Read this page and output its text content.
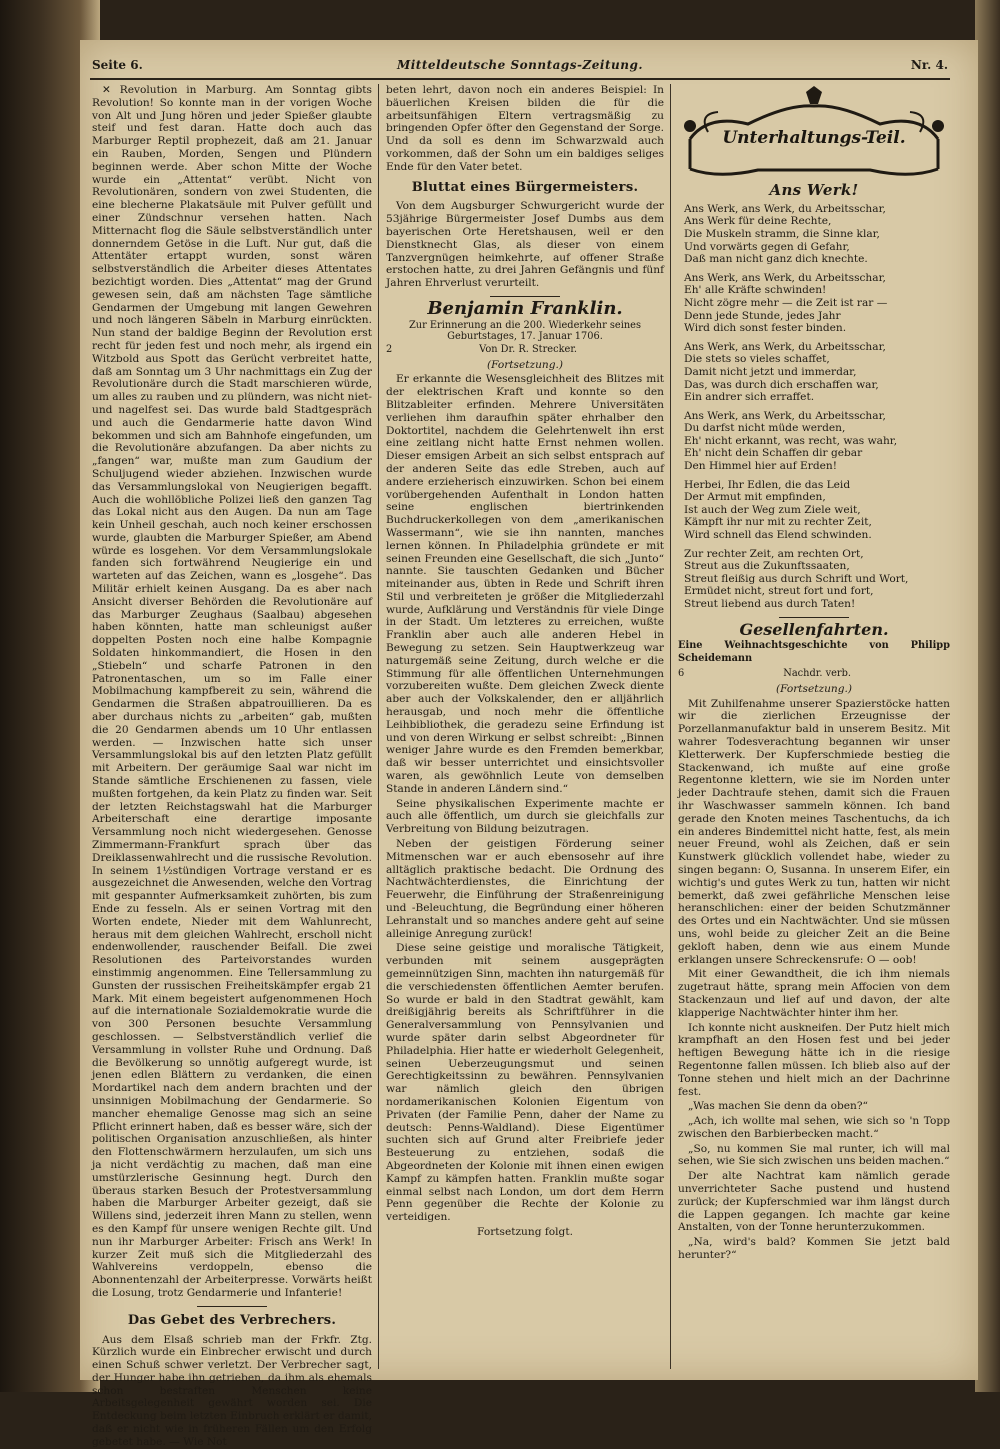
Seite 6.	Mitteldeutsche Sonntags-Zeitung.	Nr. 4.

✕ Revolution in Marburg. Am Sonntag gibts Revolution! So konnte man in der vorigen Woche von Alt und Jung hören und jeder Spießer glaubte steif und fest daran. Hatte doch auch das Marburger Reptil prophezeit, daß am 21. Januar ein Rauben, Morden, Sengen und Plündern beginnen werde. Aber schon Mitte der Woche wurde ein „Attentat“ verübt. Nicht von Revolutionären, sondern von zwei Studenten, die eine blecherne Plakatsäule mit Pulver gefüllt und einer Zündschnur versehen hatten. Nach Mitternacht flog die Säule selbstverständlich unter donnerndem Getöse in die Luft. Nur gut, daß die Attentäter ertappt wurden, sonst wären selbstverständlich die Arbeiter dieses Attentates bezichtigt worden. Dies „Attentat“ mag der Grund gewesen sein, daß am nächsten Tage sämtliche Gendarmen der Umgebung mit langen Gewehren und noch längeren Säbeln in Marburg einrückten. Nun stand der baldige Beginn der Revolution erst recht für jeden fest und noch mehr, als irgend ein Witzbold aus Spott das Gerücht verbreitet hatte, daß am Sonntag um 3 Uhr nachmittags ein Zug der Revolutionäre durch die Stadt marschieren würde, um alles zu rauben und zu plündern, was nicht niet- und nagelfest sei. Das wurde bald Stadtgespräch und auch die Gendarmerie hatte davon Wind bekommen und sich am Bahnhofe eingefunden, um die Revolutionäre abzufangen. Da aber nichts zu „fangen“ war, mußte man zum Gaudium der Schuljugend wieder abziehen. Inzwischen wurde das Versammlungslokal von Neugierigen begafft. Auch die wohllöbliche Polizei ließ den ganzen Tag das Lokal nicht aus den Augen. Da nun am Tage kein Unheil geschah, auch noch keiner erschossen wurde, glaubten die Marburger Spießer, am Abend würde es losgehen. Vor dem Versammlungslokale fanden sich fortwährend Neugierige ein und warteten auf das Zeichen, wann es „losgehe“. Das Militär erhielt keinen Ausgang. Da es aber nach Ansicht diverser Behörden die Revolutionäre auf das Marburger Zeughaus (Saalbau) abgesehen haben könnten, hatte man schleunigst außer doppelten Posten noch eine halbe Kompagnie Soldaten hinkommandiert, die Hosen in den „Stiebeln“ und scharfe Patronen in den Patronentaschen, um so im Falle einer Mobilmachung kampfbereit zu sein, während die Gendarmen die Straßen abpatrouillieren. Da es aber durchaus nichts zu „arbeiten“ gab, mußten die 20 Gendarmen abends um 10 Uhr entlassen werden. — Inzwischen hatte sich unser Versammlungslokal bis auf den letzten Platz gefüllt mit Arbeitern. Der geräumige Saal war nicht im Stande sämtliche Erschienenen zu fassen, viele mußten fortgehen, da kein Platz zu finden war. Seit der letzten Reichstagswahl hat die Marburger Arbeiterschaft eine derartige imposante Versammlung noch nicht wiedergesehen. Genosse Zimmermann-Frankfurt sprach über das Dreiklassenwahlrecht und die russische Revolution. In seinem 1½stündigen Vortrage verstand er es ausgezeichnet die Anwesenden, welche den Vortrag mit gespannter Aufmerksamkeit zuhörten, bis zum Ende zu fesseln. Als er seinen Vortrag mit den Worten endete, Nieder mit dem Wahlunrecht, heraus mit dem gleichen Wahlrecht, erscholl nicht endenwollender, rauschender Beifall. Die zwei Resolutionen des Parteivorstandes wurden einstimmig angenommen. Eine Tellersammlung zu Gunsten der russischen Freiheitskämpfer ergab 21 Mark. Mit einem begeistert aufgenommenen Hoch auf die internationale Sozialdemokratie wurde die von 300 Personen besuchte Versammlung geschlossen. — Selbstverständlich verlief die Versammlung in vollster Ruhe und Ordnung. Daß die Bevölkerung so unnötig aufgeregt wurde, ist jenen edlen Blättern zu verdanken, die einen Mordartikel nach dem andern brachten und der unsinnigen Mobilmachung der Gendarmerie. So mancher ehemalige Genosse mag sich an seine Pflicht erinnert haben, daß es besser wäre, sich der politischen Organisation anzuschließen, als hinter den Flottenschwärmern herzulaufen, um sich uns ja nicht verdächtig zu machen, daß man eine umstürzlerische Gesinnung hegt. Durch den überaus starken Besuch der Protestversammlung haben die Marburger Arbeiter gezeigt, daß sie Willens sind, jederzeit ihren Mann zu stellen, wenn es den Kampf für unsere wenigen Rechte gilt. Und nun ihr Marburger Arbeiter: Frisch ans Werk! In kurzer Zeit muß sich die Mitgliederzahl des Wahlvereins verdoppeln, ebenso die Abonnentenzahl der Arbeiterpresse. Vorwärts heißt die Losung, trotz Gendarmerie und Infanterie!

Das Gebet des Verbrechers.

Aus dem Elsaß schrieb man der Frkfr. Ztg. Kürzlich wurde ein Einbrecher erwischt und durch einen Schuß schwer verletzt. Der Verbrecher sagt, der Hunger habe ihn getrieben, da ihm als ehemals schon bestraften Menschen keine Arbeitsgelegenheit gewährt worden sei. Die Entdeckung beim letzten Einbruch erklärt er damit, daß er nicht wie in früheren Fällen um den Erfolg gebetet habe. — Wie Not

beten lehrt, davon noch ein anderes Beispiel: In bäuerlichen Kreisen bilden die für die arbeitsunfähigen Eltern vertragsmäßig zu bringenden Opfer öfter den Gegenstand der Sorge. Und da soll es denn im Schwarzwald auch vorkommen, daß der Sohn um ein baldiges seliges Ende für den Vater betet.

Bluttat eines Bürgermeisters.

Von dem Augsburger Schwurgericht wurde der 53jährige Bürgermeister Josef Dumbs aus dem bayerischen Orte Heretshausen, weil er den Dienstknecht Glas, als dieser von einem Tanzvergnügen heimkehrte, auf offener Straße erstochen hatte, zu drei Jahren Gefängnis und fünf Jahren Ehrverlust verurteilt.

Benjamin Franklin.
Zur Erinnerung an die 200. Wiederkehr seines Geburtstages, 17. Januar 1706.
2	Von Dr. R. Strecker.
(Fortsetzung.)

Er erkannte die Wesensgleichheit des Blitzes mit der elektrischen Kraft und konnte so den Blitzableiter erfinden. Mehrere Universitäten verliehen ihm daraufhin später ehrhalber den Doktortitel, nachdem die Gelehrtenwelt ihn erst eine zeitlang nicht hatte Ernst nehmen wollen. Dieser emsigen Arbeit an sich selbst entsprach auf der anderen Seite das edle Streben, auch auf andere erzieherisch einzuwirken. Schon bei einem vorübergehenden Aufenthalt in London hatten seine englischen biertrinkenden Buchdruckerkollegen von dem „amerikanischen Wassermann“, wie sie ihn nannten, manches lernen können. In Philadelphia gründete er mit seinen Freunden eine Gesellschaft, die sich „Junto“ nannte. Sie tauschten Gedanken und Bücher miteinander aus, übten in Rede und Schrift ihren Stil und verbreiteten je größer die Mitgliederzahl wurde, Aufklärung und Verständnis für viele Dinge in der Stadt. Um letzteres zu erreichen, wußte Franklin aber auch alle anderen Hebel in Bewegung zu setzen. Sein Hauptwerkzeug war naturgemäß seine Zeitung, durch welche er die Stimmung für alle öffentlichen Unternehmungen vorzubereiten wußte. Dem gleichen Zweck diente aber auch der Volkskalender, den er alljährlich herausgab, und noch mehr die öffentliche Leihbibliothek, die geradezu seine Erfindung ist und von deren Wirkung er selbst schreibt: „Binnen weniger Jahre wurde es den Fremden bemerkbar, daß wir besser unterrichtet und einsichtsvoller waren, als gewöhnlich Leute von demselben Stande in anderen Ländern sind.“

Seine physikalischen Experimente machte er auch alle öffentlich, um durch sie gleichfalls zur Verbreitung von Bildung beizutragen.

Neben der geistigen Förderung seiner Mitmenschen war er auch ebensosehr auf ihre alltäglich praktische bedacht. Die Ordnung des Nachtwächterdienstes, die Einrichtung der Feuerwehr, die Einführung der Straßenreinigung und -Beleuchtung, die Begründung einer höheren Lehranstalt und so manches andere geht auf seine alleinige Anregung zurück!

Diese seine geistige und moralische Tätigkeit, verbunden mit seinem ausgeprägten gemeinnützigen Sinn, machten ihn naturgemäß für die verschiedensten öffentlichen Aemter berufen. So wurde er bald in den Stadtrat gewählt, kam dreißigjährig bereits als Schriftführer in die Generalversammlung von Pennsylvanien und wurde später darin selbst Abgeordneter für Philadelphia. Hier hatte er wiederholt Gelegenheit, seinen Ueberzeugungsmut und seinen Gerechtigkeitssinn zu bewähren. Pennsylvanien war nämlich gleich den übrigen nordamerikanischen Kolonien Eigentum von Privaten (der Familie Penn, daher der Name zu deutsch: Penns-Waldland). Diese Eigentümer suchten sich auf Grund alter Freibriefe jeder Besteuerung zu entziehen, sodaß die Abgeordneten der Kolonie mit ihnen einen ewigen Kampf zu kämpfen hatten. Franklin mußte sogar einmal selbst nach London, um dort dem Herrn Penn gegenüber die Rechte der Kolonie zu verteidigen.

Fortsetzung folgt.
Unterhaltungs-Teil.
Ans Werk!
Ans Werk, ans Werk, du Arbeitsschar,
Ans Werk für deine Rechte,
Die Muskeln stramm, die Sinne klar,
Und vorwärts gegen di Gefahr,
Daß man nicht ganz dich knechte.
Ans Werk, ans Werk, du Arbeitsschar,
Eh' alle Kräfte schwinden!
Nicht zögre mehr — die Zeit ist rar —
Denn jede Stunde, jedes Jahr
Wird dich sonst fester binden.
Ans Werk, ans Werk, du Arbeitsschar,
Die stets so vieles schaffet,
Damit nicht jetzt und immerdar,
Das, was durch dich erschaffen war,
Ein andrer sich erraffet.
Ans Werk, ans Werk, du Arbeitsschar,
Du darfst nicht müde werden,
Eh' nicht erkannt, was recht, was wahr,
Eh' nicht dein Schaffen dir gebar
Den Himmel hier auf Erden!
Herbei, Ihr Edlen, die das Leid
Der Armut mit empfinden,
Ist auch der Weg zum Ziele weit,
Kämpft ihr nur mit zu rechter Zeit,
Wird schnell das Elend schwinden.
Zur rechter Zeit, am rechten Ort,
Streut aus die Zukunftssaaten,
Streut fleißig aus durch Schrift und Wort,
Ermüdet nicht, streut fort und fort,
Streut liebend aus durch Taten!
Gesellenfahrten.
Eine Weihnachtsgeschichte von Philipp Scheidemann
6	Nachdr. verb.
(Fortsetzung.)

Mit Zuhilfenahme unserer Spazierstöcke hatten wir die zierlichen Erzeugnisse der Porzellanmanufaktur bald in unserem Besitz. Mit wahrer Todesverachtung begannen wir unser Kletterwerk. Der Kupferschmiede bestieg die Stackenwand, ich mußte auf eine große Regentonne klettern, wie sie im Norden unter jeder Dachtraufe stehen, damit sich die Frauen ihr Waschwasser sammeln können. Ich band gerade den Knoten meines Taschentuchs, da ich ein anderes Bindemittel nicht hatte, fest, als mein neuer Freund, wohl als Zeichen, daß er sein Kunstwerk glücklich vollendet habe, wieder zu singen begann: O, Susanna. In unserem Eifer, ein wichtig's und gutes Werk zu tun, hatten wir nicht bemerkt, daß zwei gefährliche Menschen leise heranschlichen: einer der beiden Schutzmänner des Ortes und ein Nachtwächter. Und sie müssen uns, wohl beide zu gleicher Zeit an die Beine gekloft haben, denn wie aus einem Munde erklangen unsere Schreckensrufe: O — oob!

Mit einer Gewandtheit, die ich ihm niemals zugetraut hätte, sprang mein Affocien von dem Stackenzaun und lief auf und davon, der alte klapperige Nachtwächter hinter ihm her.

Ich konnte nicht auskneifen. Der Putz hielt mich krampfhaft an den Hosen fest und bei jeder heftigen Bewegung hätte ich in die riesige Regentonne fallen müssen. Ich blieb also auf der Tonne stehen und hielt mich an der Dachrinne fest.

„Was machen Sie denn da oben?“

„Ach, ich wollte mal sehen, wie sich so 'n Topp zwischen den Barbierbecken macht.“

„So, nu kommen Sie mal runter, ich will mal sehen, wie Sie sich zwischen uns beiden machen.“

Der alte Nachtrat kam nämlich gerade unverrichteter Sache pustend und hustend zurück; der Kupferschmied war ihm längst durch die Lappen gegangen. Ich machte gar keine Anstalten, von der Tonne herunterzukommen.

„Na, wird's bald? Kommen Sie jetzt bald herunter?“
